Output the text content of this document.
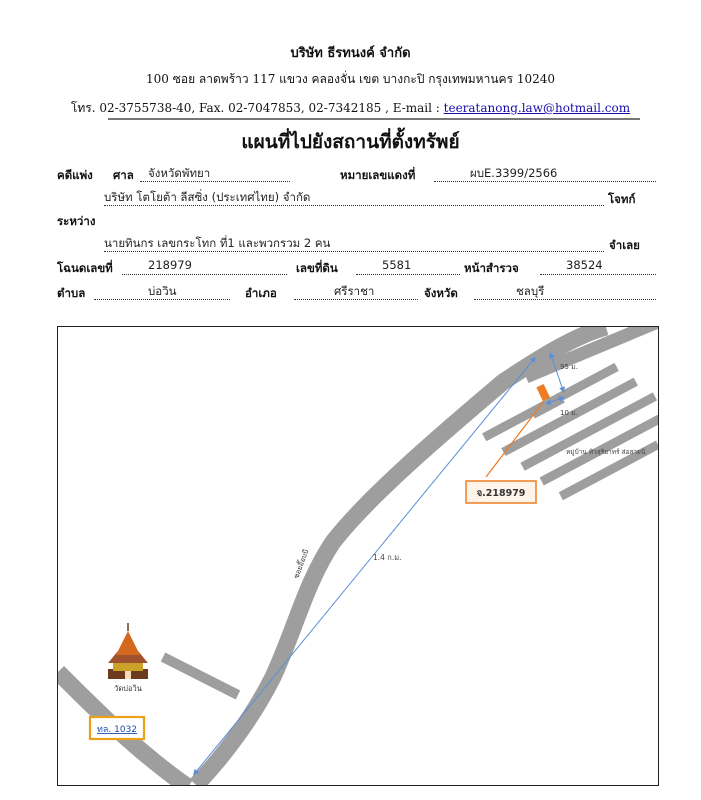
บริษัท ธีรทนงค์ จำกัด
100 ซอย ลาดพร้าว 117 แขวง คลองจั่น เขต บางกะปิ กรุงเทพมหานคร 10240
โทร. 02-3755738-40, Fax. 02-7047853, 02-7342185 , E-mail : teeratanong.law@hotmail.com
แผนที่ไปยังสถานที่ตั้งทรัพย์
คดีแพ่ง ศาล จังหวัดพัทยา	หมายเลขแดงที่	ผบE.3399/2566
บริษัท โตโยต้า ลีสซิ่ง (ประเทศไทย) จำกัด	โจทก์
ระหว่าง
นายทินกร เลขกระโทก ที่1 และพวกรวม 2 คน	จำเลย
โฉนดเลขที่	218979	เลขที่ดิน	5581	หน้าสำรวจ	38524
ตำบล	บ่อวิน	อำเภอ	ศรีราชา	จังหวัด	ชลบุรี
จ.218979
ซอยอี๊อบบี	1.4 ก.ม.
95 ม.
10 ม.
หมู่บ้าน ทิวสุริยาทร์ ส่อสายน้
วัดบ่อวิน
ทล. 1032
